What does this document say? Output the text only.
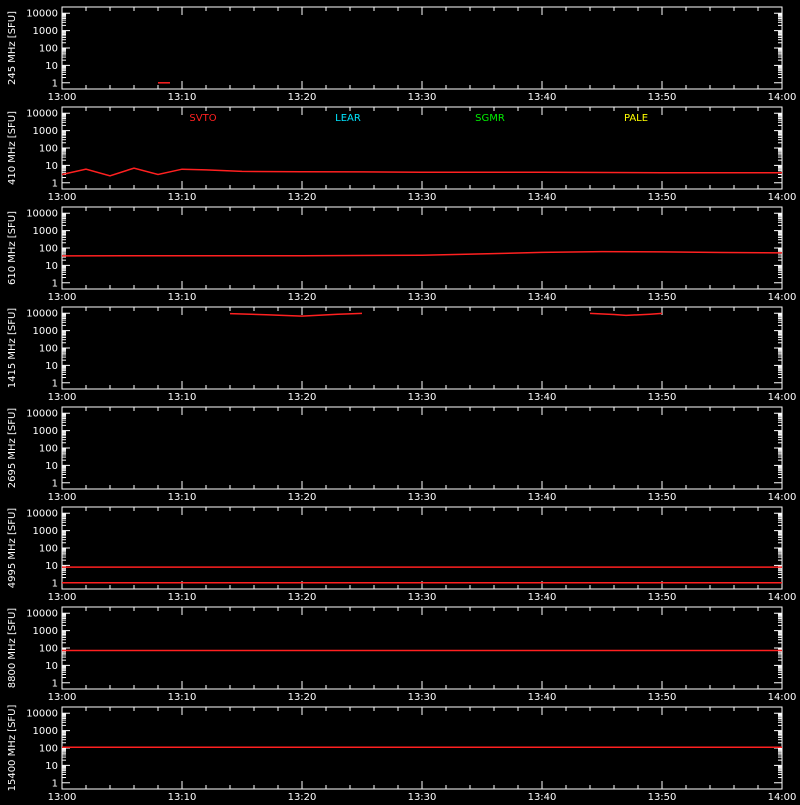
10000
1000
100
10
1
13:00	13:10	13:20	13:30	13:40	13:50	14:00
245 MHz [SFU]
10000
1000
100
10
1
13:00	13:10	13:20	13:30	13:40	13:50	14:00
410 MHz [SFU]
10000
1000
100
10
1
13:00	13:10	13:20	13:30	13:40	13:50	14:00
610 MHz [SFU]
10000
1000
100
10
1
13:00	13:10	13:20	13:30	13:40	13:50	14:00
1415 MHz [SFU]
10000
1000
100
10
1
13:00	13:10	13:20	13:30	13:40	13:50	14:00
2695 MHz [SFU]
10000
1000
100
10
1
13:00	13:10	13:20	13:30	13:40	13:50	14:00
4995 MHz [SFU]
10000
1000
100
10
1
13:00	13:10	13:20	13:30	13:40	13:50	14:00
8800 MHz [SFU]
10000
1000
100
10
1
13:00	13:10	13:20	13:30	13:40	13:50	14:00
15400 MHz [SFU]
SVTO	LEAR	SGMR	PALE
